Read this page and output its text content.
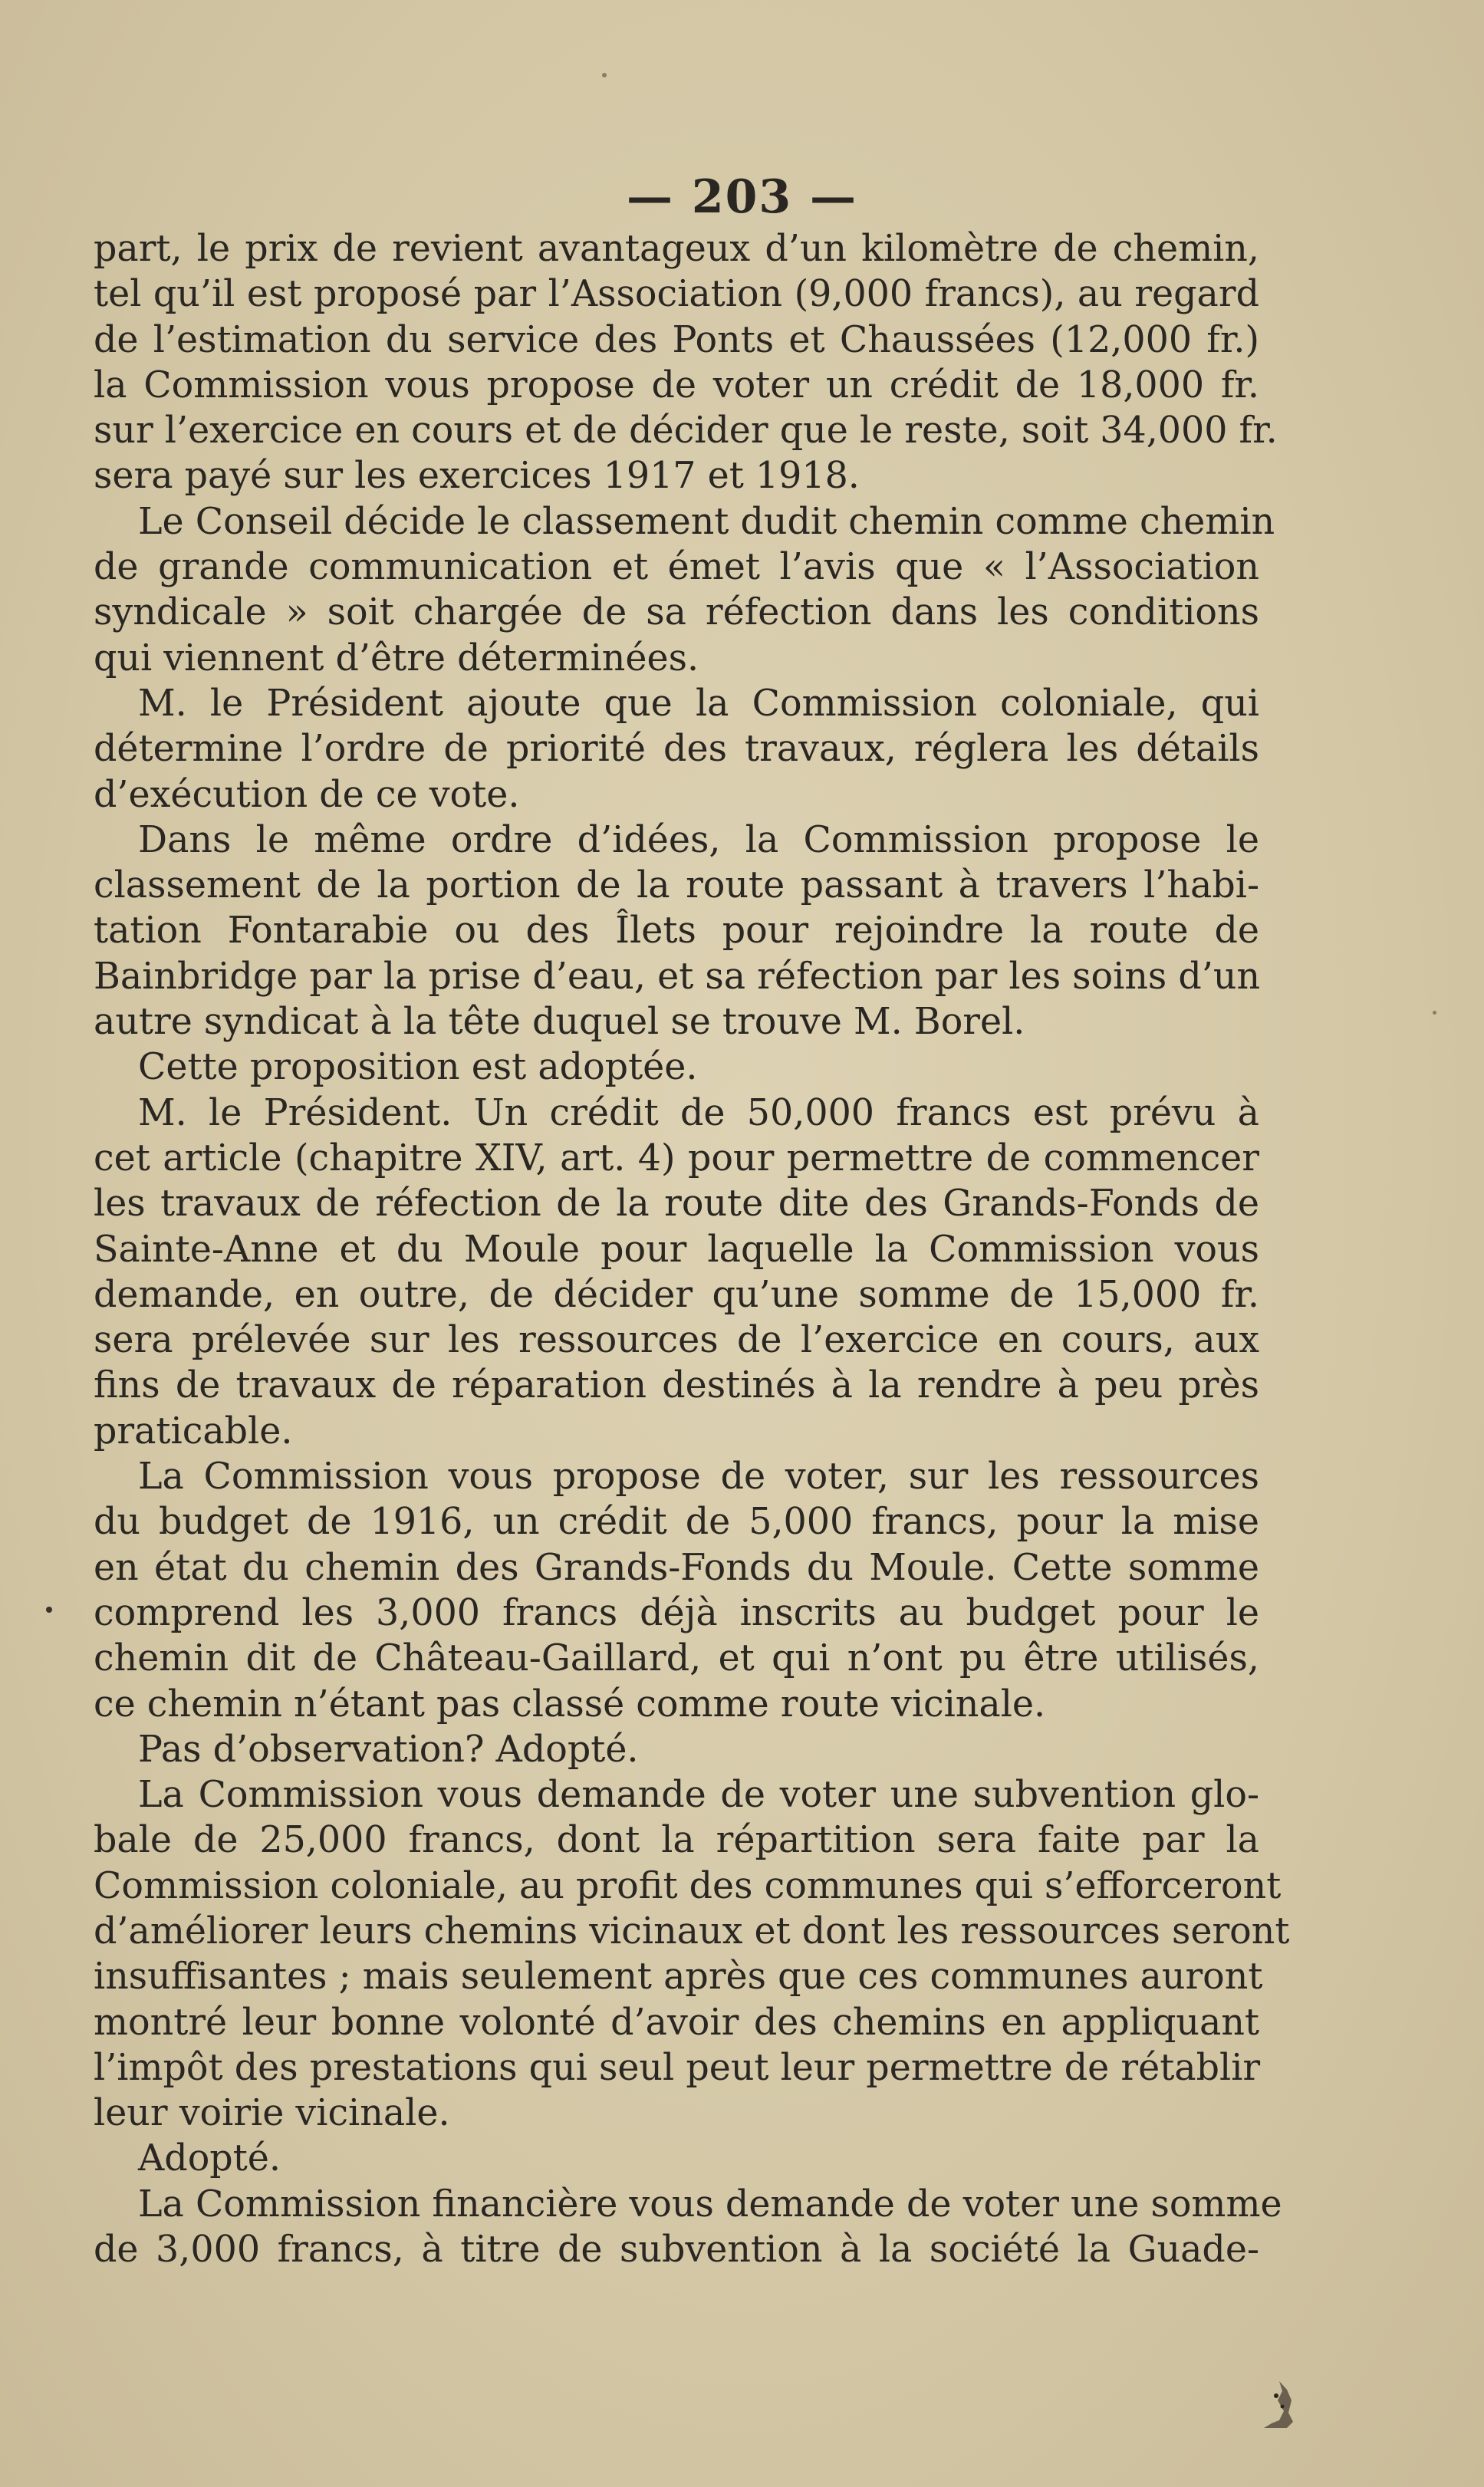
— 203 —
part, le prix de revient avantageux d’un kilomètre de chemin,
tel qu’il est proposé par l’Association (9,000 francs), au regard
de l’estimation du service des Ponts et Chaussées (12,000 fr.)
la Commission vous propose de voter un crédit de 18,000 fr.
sur l’exercice en cours et de décider que le reste, soit 34,000 fr.
sera payé sur les exercices 1917 et 1918.
Le Conseil décide le classement dudit chemin comme chemin
de grande communication et émet l’avis que « l’Association
syndicale » soit chargée de sa réfection dans les conditions
qui viennent d’être déterminées.
M. le Président ajoute que la Commission coloniale, qui
détermine l’ordre de priorité des travaux, réglera les détails
d’exécution de ce vote.
Dans le même ordre d’idées, la Commission propose le
classement de la portion de la route passant à travers l’habi-
tation Fontarabie ou des Îlets pour rejoindre la route de
Bainbridge par la prise d’eau, et sa réfection par les soins d’un
autre syndicat à la tête duquel se trouve M. Borel.
Cette proposition est adoptée.
M. le Président. Un crédit de 50,000 francs est prévu à
cet article (chapitre XIV, art. 4) pour permettre de commencer
les travaux de réfection de la route dite des Grands-Fonds de
Sainte-Anne et du Moule pour laquelle la Commission vous
demande, en outre, de décider qu’une somme de 15,000 fr.
sera prélevée sur les ressources de l’exercice en cours, aux
fins de travaux de réparation destinés à la rendre à peu près
praticable.
La Commission vous propose de voter, sur les ressources
du budget de 1916, un crédit de 5,000 francs, pour la mise
en état du chemin des Grands-Fonds du Moule. Cette somme
comprend les 3,000 francs déjà inscrits au budget pour le
chemin dit de Château-Gaillard, et qui n’ont pu être utilisés,
ce chemin n’étant pas classé comme route vicinale.
Pas d’observation? Adopté.
La Commission vous demande de voter une subvention glo-
bale de 25,000 francs, dont la répartition sera faite par la
Commission coloniale, au profit des communes qui s’efforceront
d’améliorer leurs chemins vicinaux et dont les ressources seront
insuffisantes ; mais seulement après que ces communes auront
montré leur bonne volonté d’avoir des chemins en appliquant
l’impôt des prestations qui seul peut leur permettre de rétablir
leur voirie vicinale.
Adopté.
La Commission financière vous demande de voter une somme
de 3,000 francs, à titre de subvention à la société la Guade-
